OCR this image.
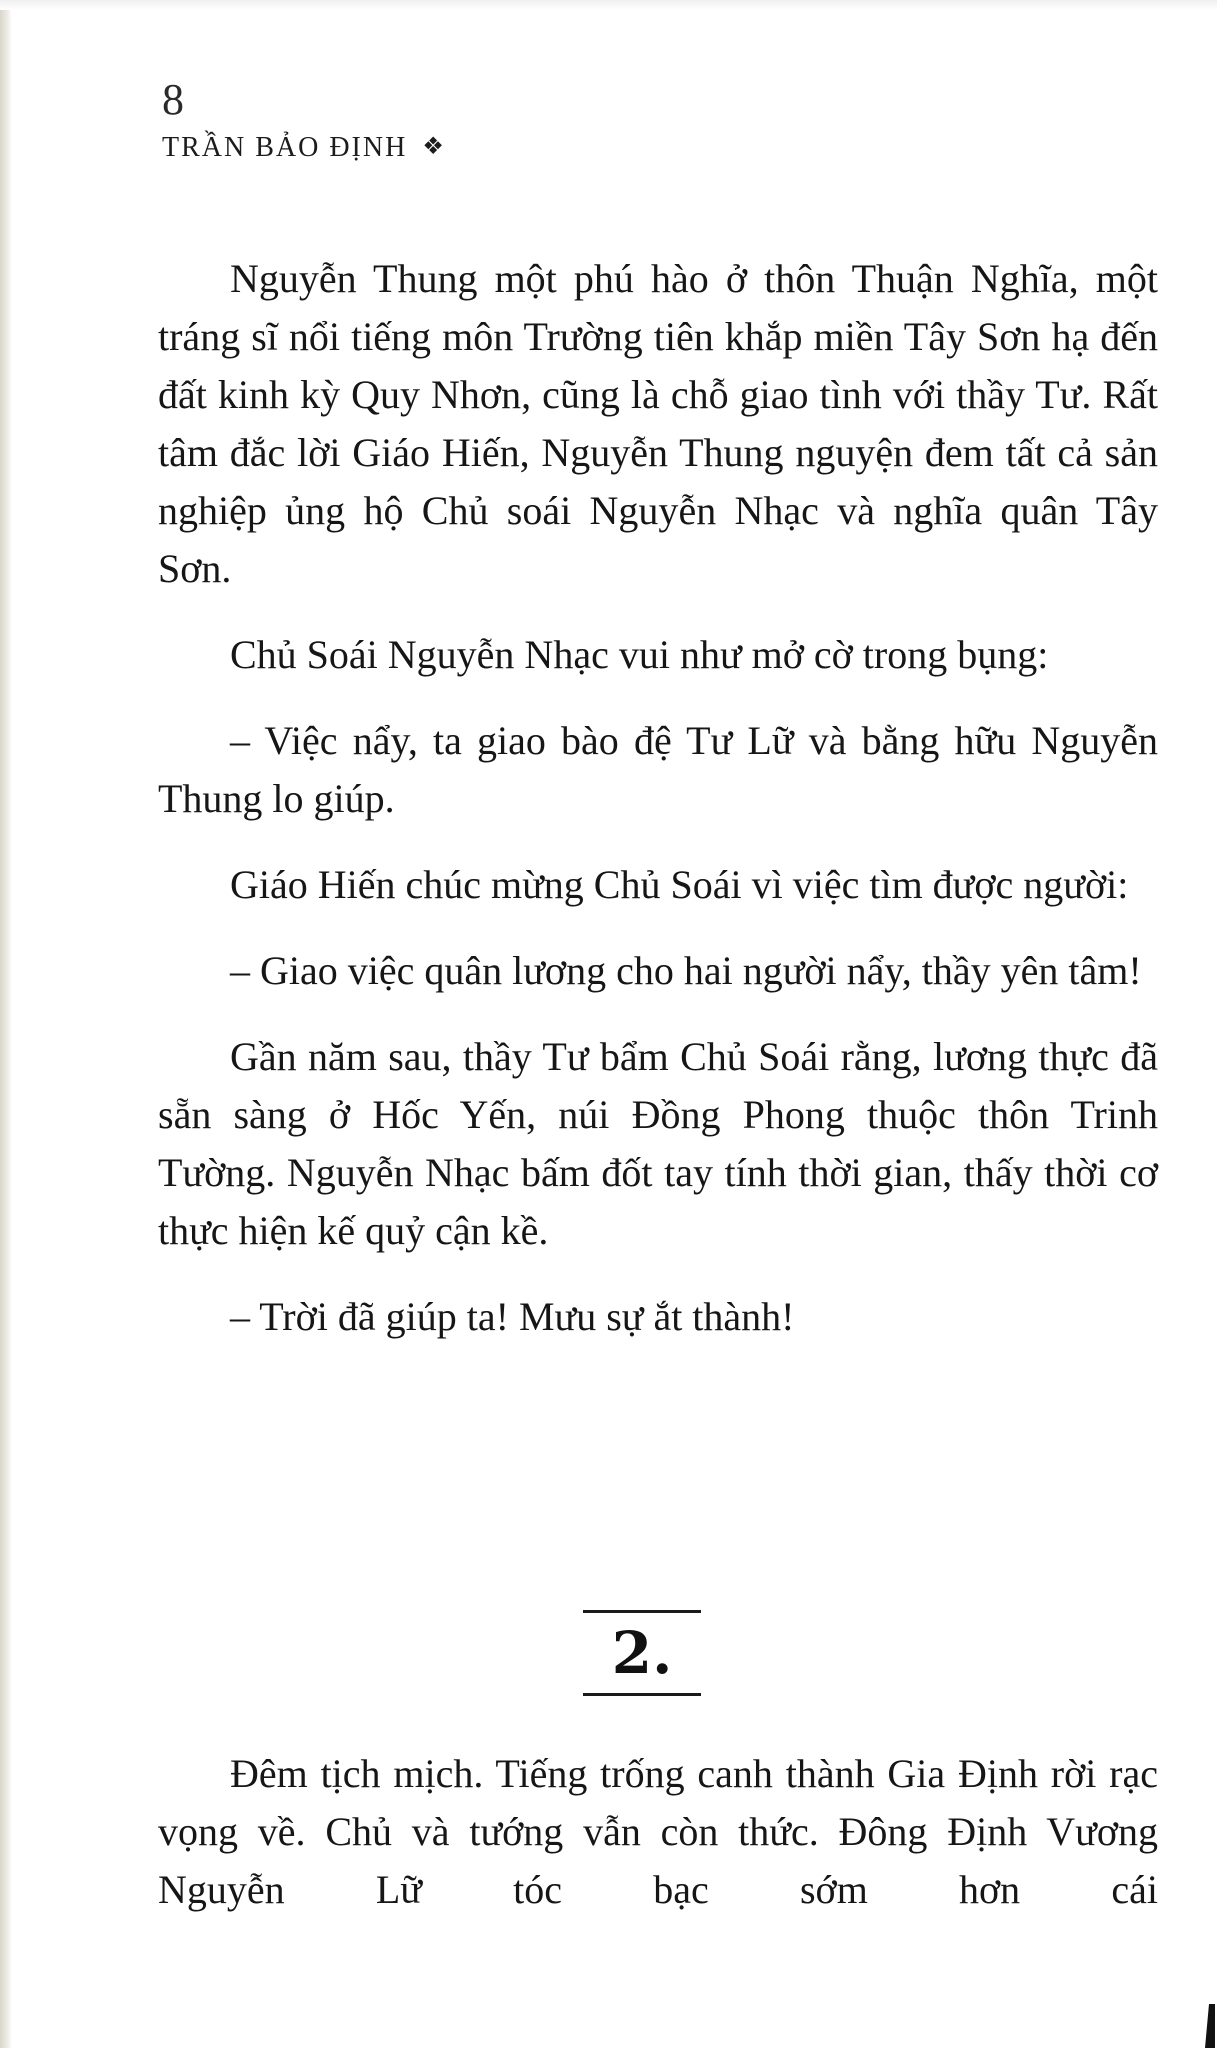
8
TRẦN BẢO ĐỊNH ❖

Nguyễn Thung một phú hào ở thôn Thuận Nghĩa, một tráng sĩ nổi tiếng môn Trường tiên khắp miền Tây Sơn hạ đến đất kinh kỳ Quy Nhơn, cũng là chỗ giao tình với thầy Tư. Rất tâm đắc lời Giáo Hiến, Nguyễn Thung nguyện đem tất cả sản nghiệp ủng hộ Chủ soái Nguyễn Nhạc và nghĩa quân Tây Sơn.

Chủ Soái Nguyễn Nhạc vui như mở cờ trong bụng:

– Việc nẩy, ta giao bào đệ Tư Lữ và bằng hữu Nguyễn Thung lo giúp.

Giáo Hiến chúc mừng Chủ Soái vì việc tìm được người:

– Giao việc quân lương cho hai người nẩy, thầy yên tâm!

Gần năm sau, thầy Tư bẩm Chủ Soái rằng, lương thực đã sẵn sàng ở Hốc Yến, núi Đồng Phong thuộc thôn Trinh Tường. Nguyễn Nhạc bấm đốt tay tính thời gian, thấy thời cơ thực hiện kế quỷ cận kề.

– Trời đã giúp ta! Mưu sự ắt thành!

2.

Đêm tịch mịch. Tiếng trống canh thành Gia Định rời rạc vọng về. Chủ và tướng vẫn còn thức. Đông Định Vương Nguyễn Lữ tóc bạc sớm hơn cái
